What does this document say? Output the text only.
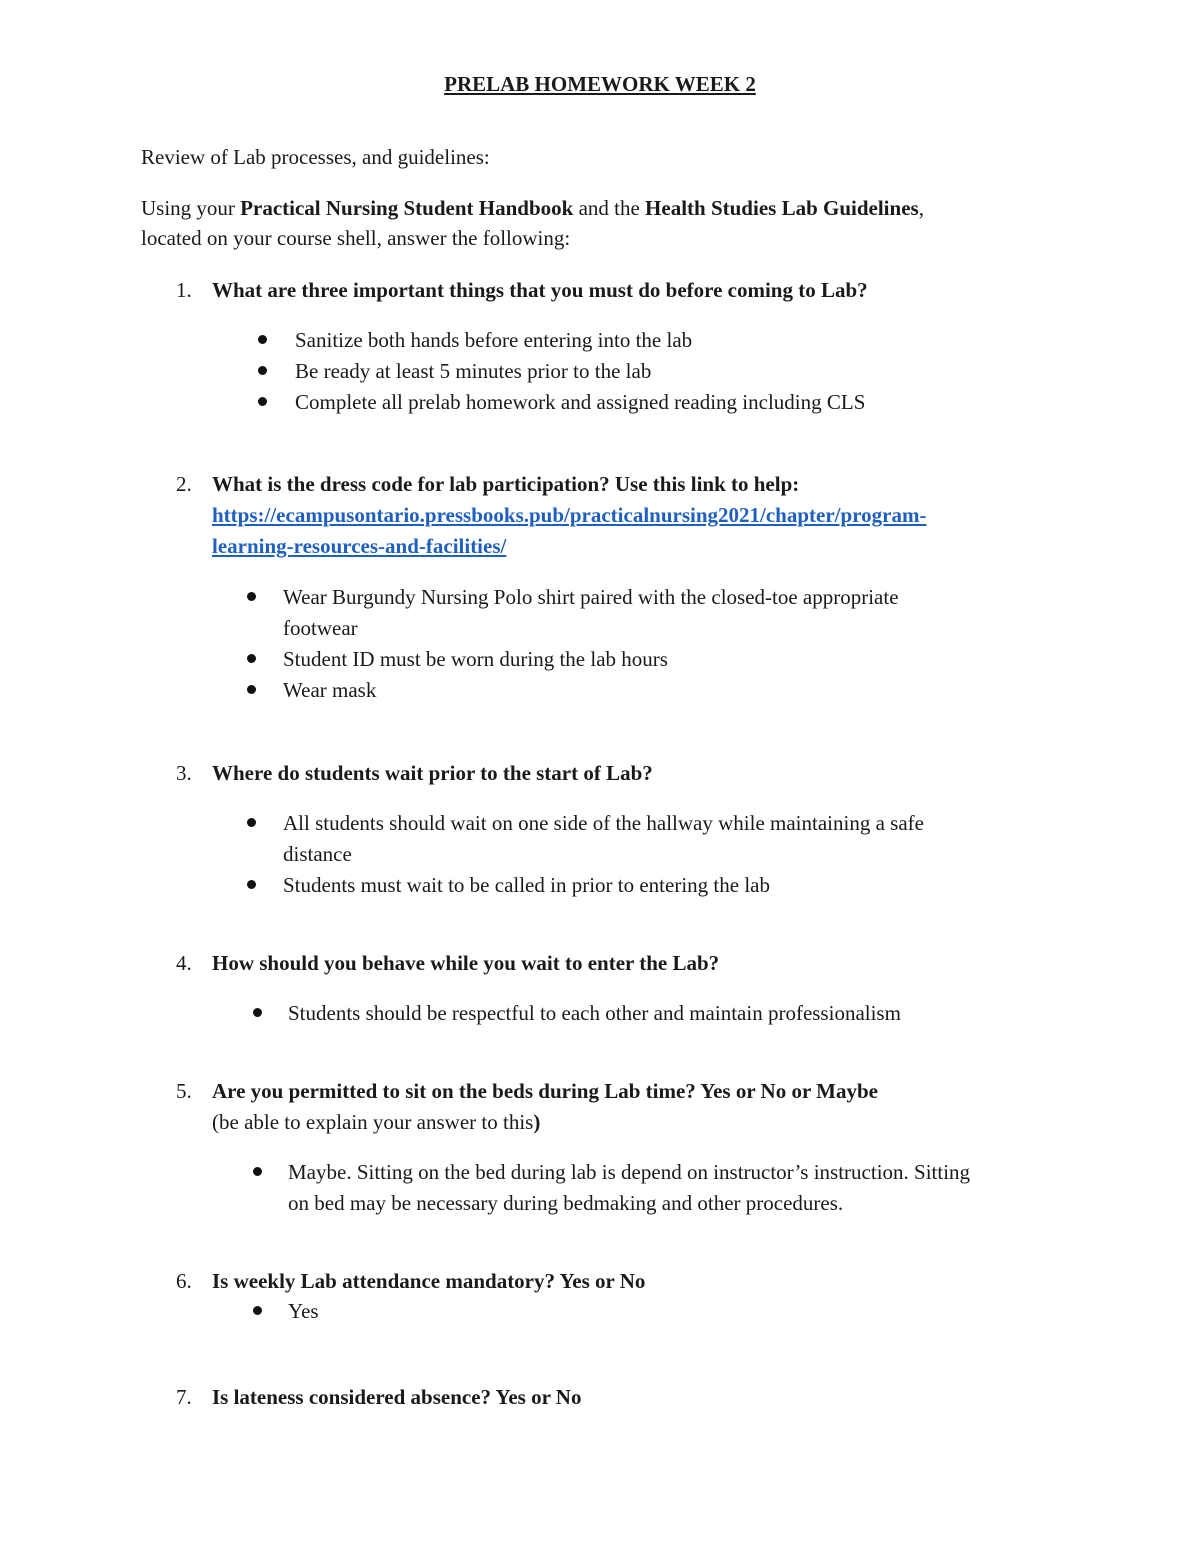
PRELAB HOMEWORK WEEK 2
Review of Lab processes, and guidelines:
Using your Practical Nursing Student Handbook and the Health Studies Lab Guidelines,
located on your course shell, answer the following:
1. What are three important things that you must do before coming to Lab?
Sanitize both hands before entering into the lab
Be ready at least 5 minutes prior to the lab
Complete all prelab homework and assigned reading including CLS
2. What is the dress code for lab participation? Use this link to help:
https://ecampusontario.pressbooks.pub/practicalnursing2021/chapter/program-
learning-resources-and-facilities/
Wear Burgundy Nursing Polo shirt paired with the closed-toe appropriate
footwear
Student ID must be worn during the lab hours
Wear mask
3. Where do students wait prior to the start of Lab?
All students should wait on one side of the hallway while maintaining a safe
distance
Students must wait to be called in prior to entering the lab
4. How should you behave while you wait to enter the Lab?
Students should be respectful to each other and maintain professionalism
5. Are you permitted to sit on the beds during Lab time? Yes or No or Maybe
(be able to explain your answer to this)
Maybe. Sitting on the bed during lab is depend on instructor’s instruction. Sitting
on bed may be necessary during bedmaking and other procedures.
6. Is weekly Lab attendance mandatory? Yes or No
Yes
7. Is lateness considered absence? Yes or No
